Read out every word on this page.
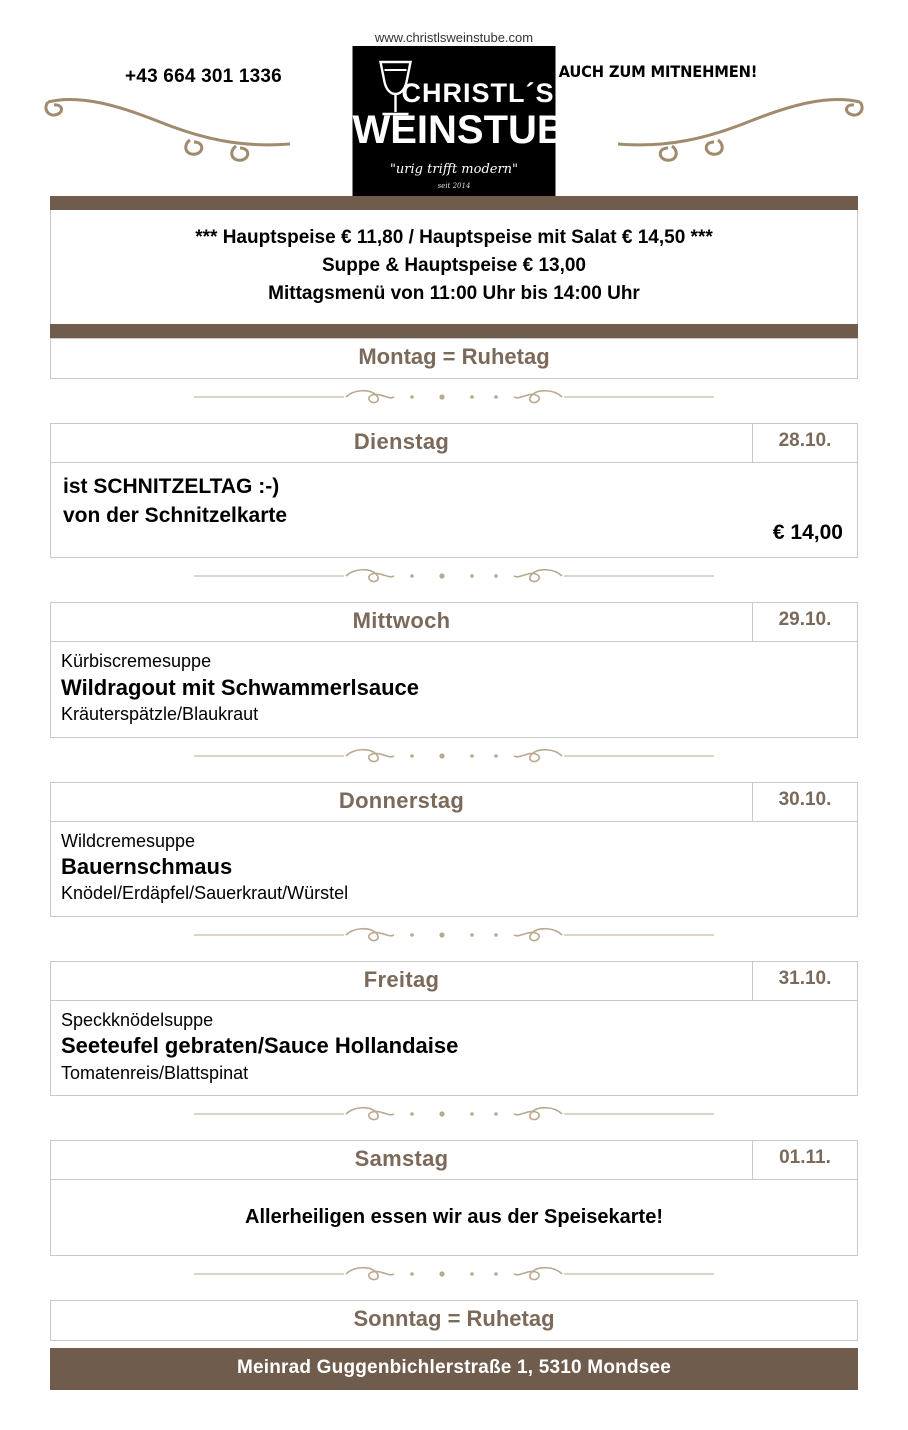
+43 664 301 1336
www.christlsweinstube.com
AUCH ZUM MITNEHMEN!
CHRISTL´S
WEINSTUBE
"urig trifft modern"
seit 2014
*** Hauptspeise € 11,80 / Hauptspeise mit Salat € 14,50 ***
Suppe & Hauptspeise € 13,00
Mittagsmenü von 11:00 Uhr bis 14:00 Uhr
Montag = Ruhetag
Dienstag	28.10.
ist SCHNITZELTAG :-)
von der Schnitzelkarte
€ 14,00
Mittwoch	29.10.
Kürbiscremesuppe
Wildragout mit Schwammerlsauce
Kräuterspätzle/Blaukraut
Donnerstag	30.10.
Wildcremesuppe
Bauernschmaus
Knödel/Erdäpfel/Sauerkraut/Würstel
Freitag	31.10.
Speckknödelsuppe
Seeteufel gebraten/Sauce Hollandaise
Tomatenreis/Blattspinat
Samstag	01.11.
Allerheiligen essen wir aus der Speisekarte!
Sonntag = Ruhetag
Meinrad Guggenbichlerstraße 1, 5310 Mondsee
